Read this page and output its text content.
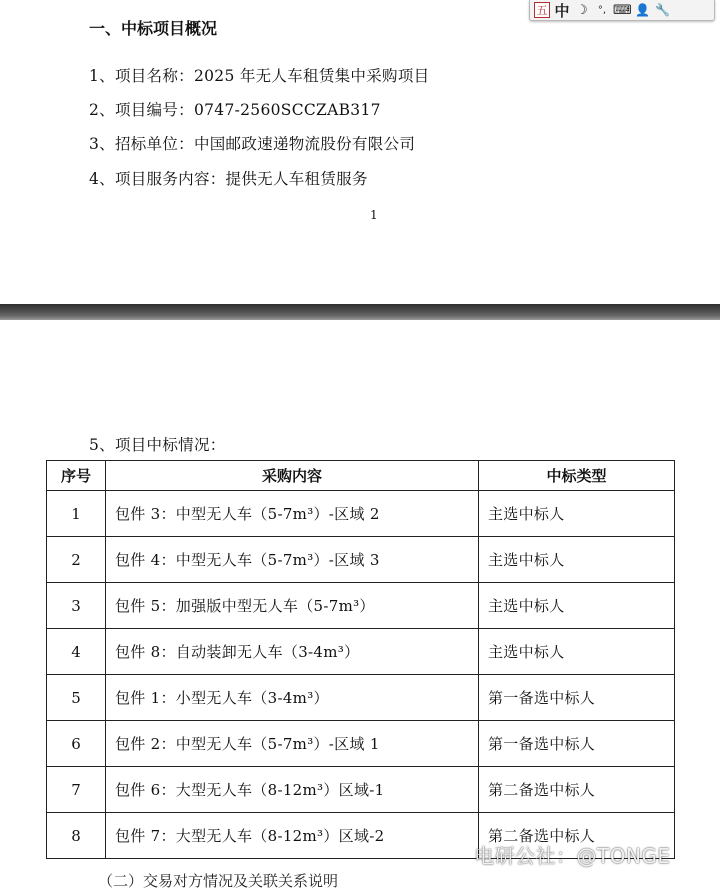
一、中标项目概况
1、项目名称：2025 年无人车租赁集中采购项目
2、项目编号：0747-2560SCCZAB317
3、招标单位：中国邮政速递物流股份有限公司
4、项目服务内容：提供无人车租赁服务
1
五 中 ☽	°, ⌨ 👤 🔧
5、项目中标情况：
序号	采购内容	中标类型
1	包件 3：中型无人车（5-7m³）-区域 2	主选中标人
2	包件 4：中型无人车（5-7m³）-区域 3	主选中标人
3	包件 5：加强版中型无人车（5-7m³）	主选中标人
4	包件 8：自动装卸无人车（3-4m³）	主选中标人
5	包件 1：小型无人车（3-4m³）	第一备选中标人
6	包件 2：中型无人车（5-7m³）-区域 1	第一备选中标人
7	包件 6：大型无人车（8-12m³）区域-1	第二备选中标人
8	包件 7：大型无人车（8-12m³）区域-2	第二备选中标人
（二）交易对方情况及关联关系说明
电研公社：@TONGE
